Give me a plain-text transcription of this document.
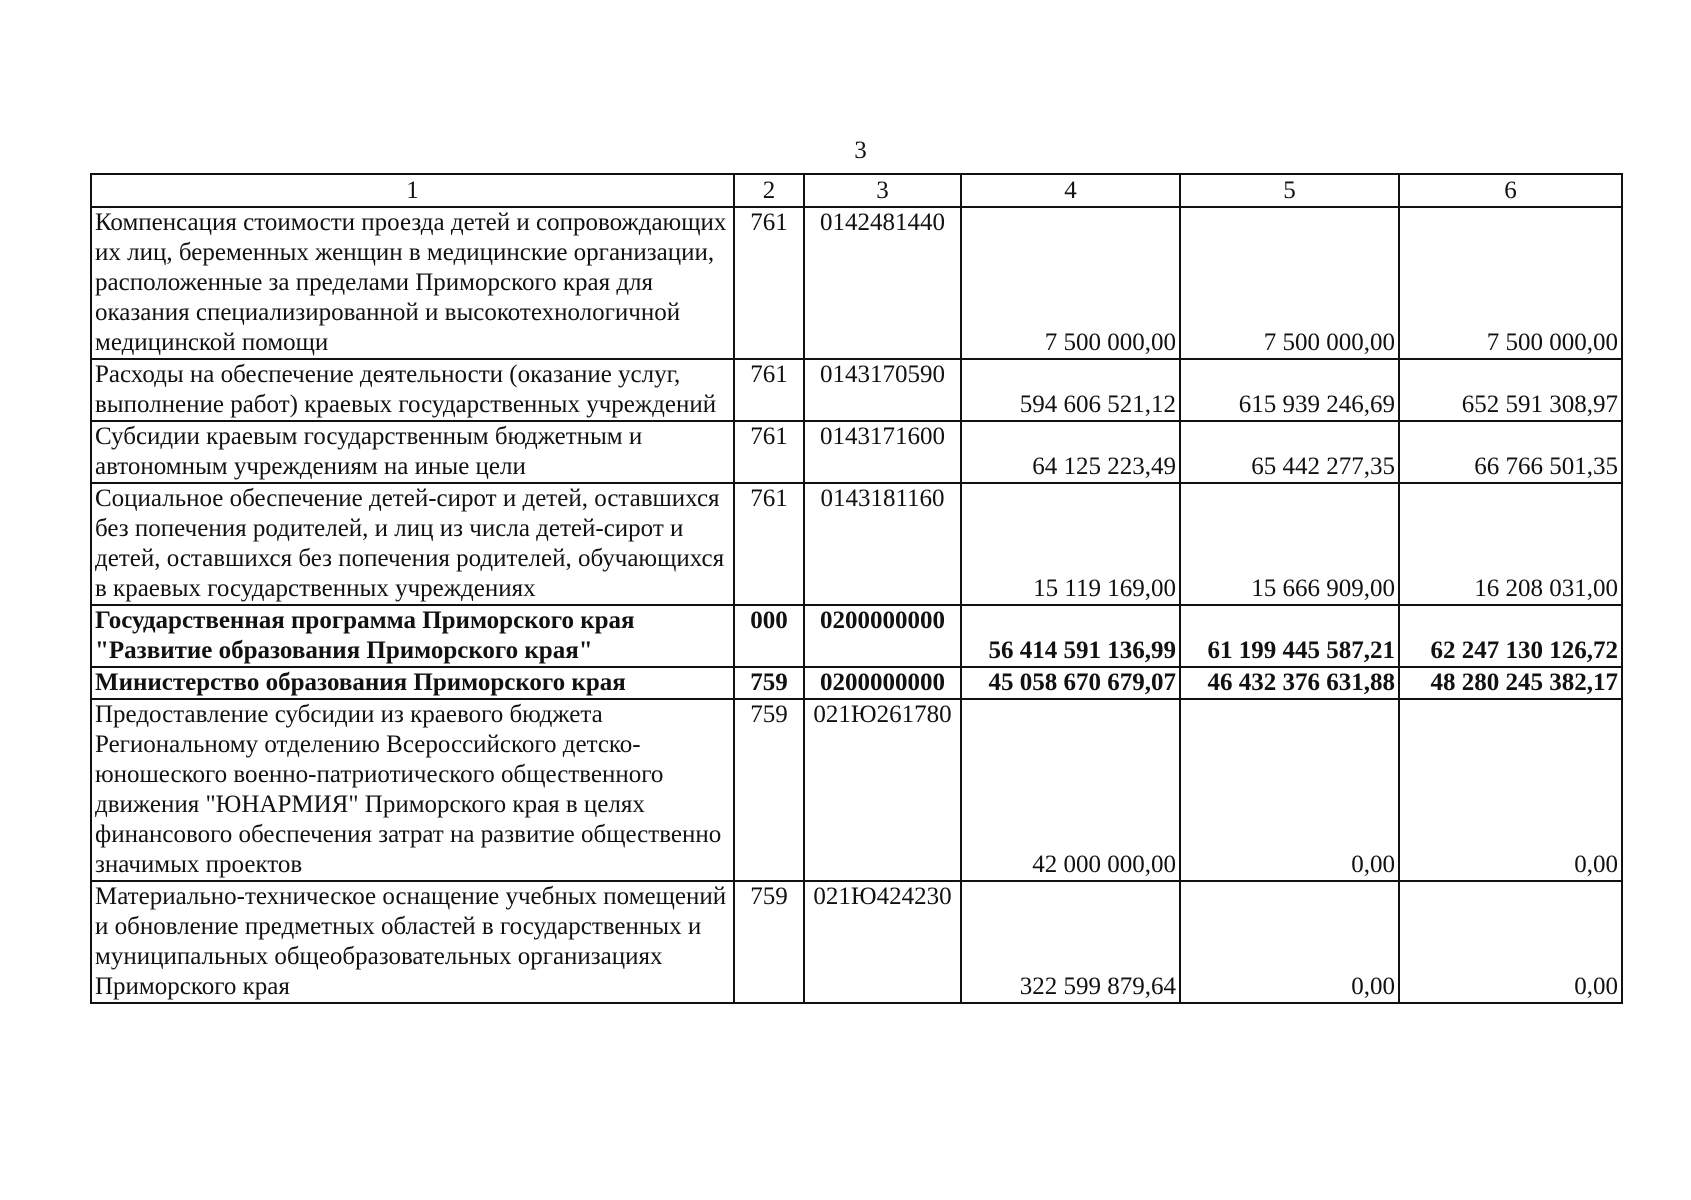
3
1	2	3	4	5	6
Компенсация стоимости проезда детей и сопровождающих их лиц, беременных женщин в медицинские организации, расположенные за пределами Приморского края для оказания специализированной и высокотехнологичной медицинской помощи	761	0142481440	7 500 000,00	7 500 000,00	7 500 000,00
Расходы на обеспечение деятельности (оказание услуг, выполнение работ) краевых государственных учреждений	761	0143170590	594 606 521,12	615 939 246,69	652 591 308,97
Субсидии краевым государственным бюджетным и автономным учреждениям на иные цели	761	0143171600	64 125 223,49	65 442 277,35	66 766 501,35
Социальное обеспечение детей-сирот и детей, оставшихся без попечения родителей, и лиц из числа детей-сирот и детей, оставшихся без попечения родителей, обучающихся в краевых государственных учреждениях	761	0143181160	15 119 169,00	15 666 909,00	16 208 031,00
Государственная программа Приморского края "Развитие образования Приморского края"	000	0200000000	56 414 591 136,99	61 199 445 587,21	62 247 130 126,72
Министерство образования Приморского края	759	0200000000	45 058 670 679,07	46 432 376 631,88	48 280 245 382,17
Предоставление субсидии из краевого бюджета Региональному отделению Всероссийского детско-юношеского военно-патриотического общественного движения "ЮНАРМИЯ" Приморского края в целях финансового обеспечения затрат на развитие общественно значимых проектов	759	021Ю261780	42 000 000,00	0,00	0,00
Материально-техническое оснащение учебных помещений и обновление предметных областей в государственных и муниципальных общеобразовательных организациях Приморского края	759	021Ю424230	322 599 879,64	0,00	0,00
